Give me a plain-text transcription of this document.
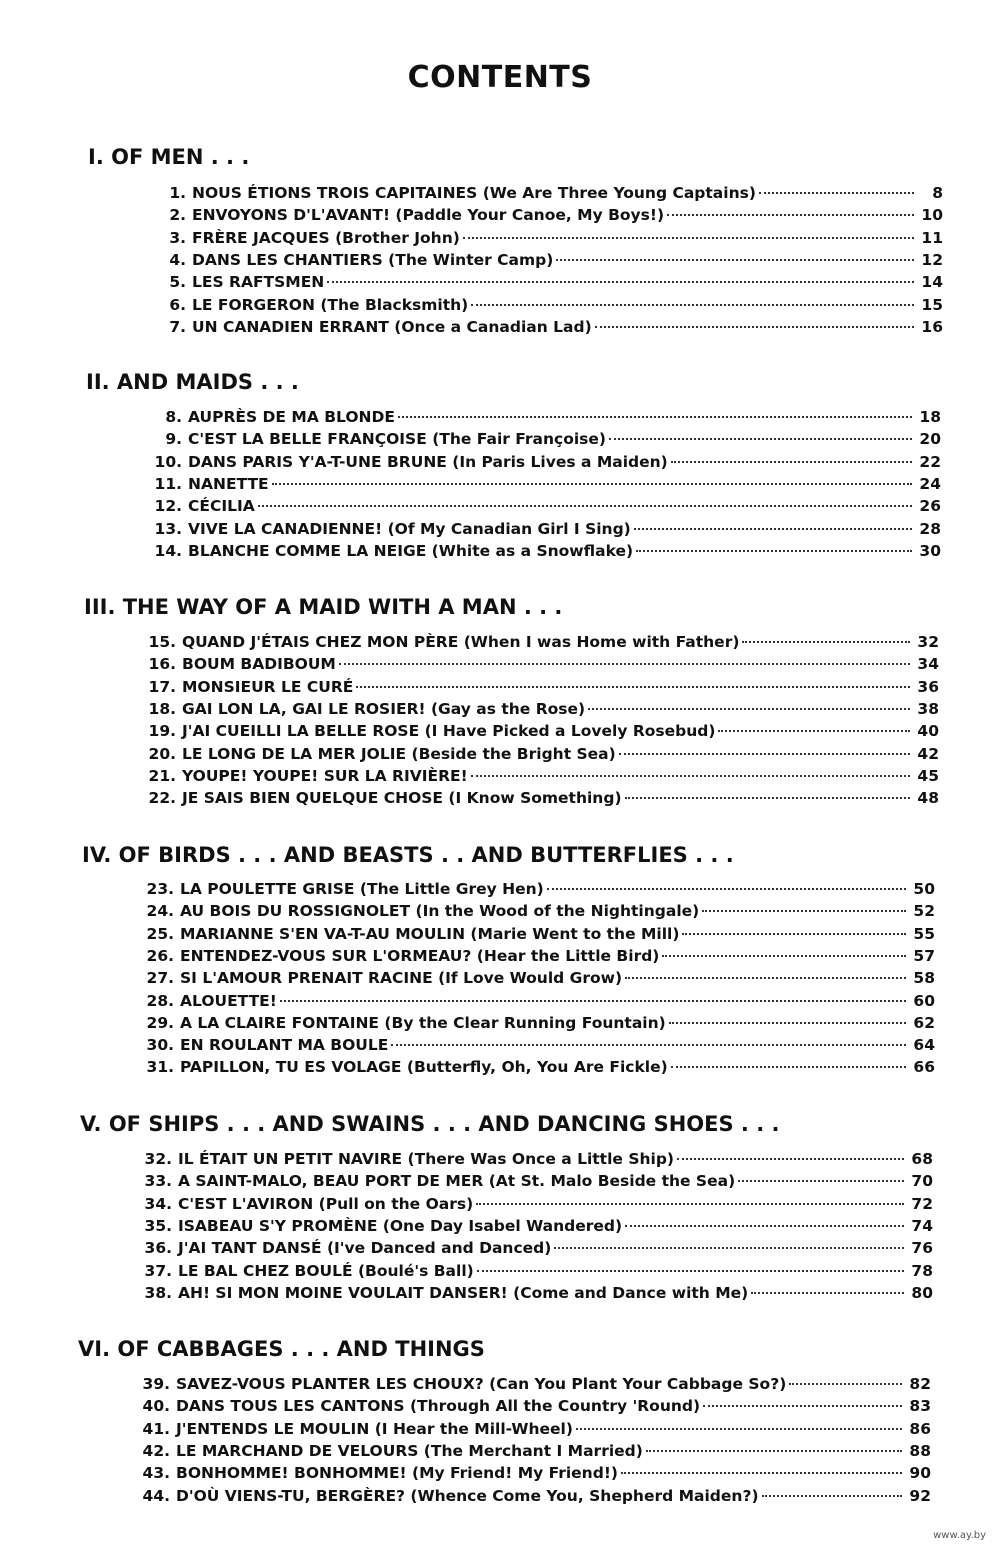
CONTENTS
I. OF MEN . . .
1. NOUS ÉTIONS TROIS CAPITAINES (We Are Three Young Captains)	8
2. ENVOYONS D'L'AVANT! (Paddle Your Canoe, My Boys!)	10
3. FRÈRE JACQUES (Brother John)	11
4. DANS LES CHANTIERS (The Winter Camp)	12
5. LES RAFTSMEN	14
6. LE FORGERON (The Blacksmith)	15
7. UN CANADIEN ERRANT (Once a Canadian Lad)	16
II. AND MAIDS . . .
8. AUPRÈS DE MA BLONDE	18
9. C'EST LA BELLE FRANÇOISE (The Fair Françoise)	20
10. DANS PARIS Y'A-T-UNE BRUNE (In Paris Lives a Maiden)	22
11. NANETTE	24
12. CÉCILIA	26
13. VIVE LA CANADIENNE! (Of My Canadian Girl I Sing)	28
14. BLANCHE COMME LA NEIGE (White as a Snowflake)	30
III. THE WAY OF A MAID WITH A MAN . . .
15. QUAND J'ÉTAIS CHEZ MON PÈRE (When I was Home with Father)	32
16. BOUM BADIBOUM	34
17. MONSIEUR LE CURÉ	36
18. GAI LON LA, GAI LE ROSIER! (Gay as the Rose)	38
19. J'AI CUEILLI LA BELLE ROSE (I Have Picked a Lovely Rosebud)	40
20. LE LONG DE LA MER JOLIE (Beside the Bright Sea)	42
21. YOUPE! YOUPE! SUR LA RIVIÈRE!	45
22. JE SAIS BIEN QUELQUE CHOSE (I Know Something)	48
IV. OF BIRDS . . . AND BEASTS . . AND BUTTERFLIES . . .
23. LA POULETTE GRISE (The Little Grey Hen)	50
24. AU BOIS DU ROSSIGNOLET (In the Wood of the Nightingale)	52
25. MARIANNE S'EN VA-T-AU MOULIN (Marie Went to the Mill)	55
26. ENTENDEZ-VOUS SUR L'ORMEAU? (Hear the Little Bird)	57
27. SI L'AMOUR PRENAIT RACINE (If Love Would Grow)	58
28. ALOUETTE!	60
29. A LA CLAIRE FONTAINE (By the Clear Running Fountain)	62
30. EN ROULANT MA BOULE	64
31. PAPILLON, TU ES VOLAGE (Butterfly, Oh, You Are Fickle)	66
V. OF SHIPS . . . AND SWAINS . . . AND DANCING SHOES . . .
32. IL ÉTAIT UN PETIT NAVIRE (There Was Once a Little Ship)	68
33. A SAINT-MALO, BEAU PORT DE MER (At St. Malo Beside the Sea)	70
34. C'EST L'AVIRON (Pull on the Oars)	72
35. ISABEAU S'Y PROMÈNE (One Day Isabel Wandered)	74
36. J'AI TANT DANSÉ (I've Danced and Danced)	76
37. LE BAL CHEZ BOULÉ (Boulé's Ball)	78
38. AH! SI MON MOINE VOULAIT DANSER! (Come and Dance with Me)	80
VI. OF CABBAGES . . . AND THINGS
39. SAVEZ-VOUS PLANTER LES CHOUX? (Can You Plant Your Cabbage So?)	82
40. DANS TOUS LES CANTONS (Through All the Country 'Round)	83
41. J'ENTENDS LE MOULIN (I Hear the Mill-Wheel)	86
42. LE MARCHAND DE VELOURS (The Merchant I Married)	88
43. BONHOMME! BONHOMME! (My Friend! My Friend!)	90
44. D'OÙ VIENS-TU, BERGÈRE? (Whence Come You, Shepherd Maiden?)	92
www.ay.by
